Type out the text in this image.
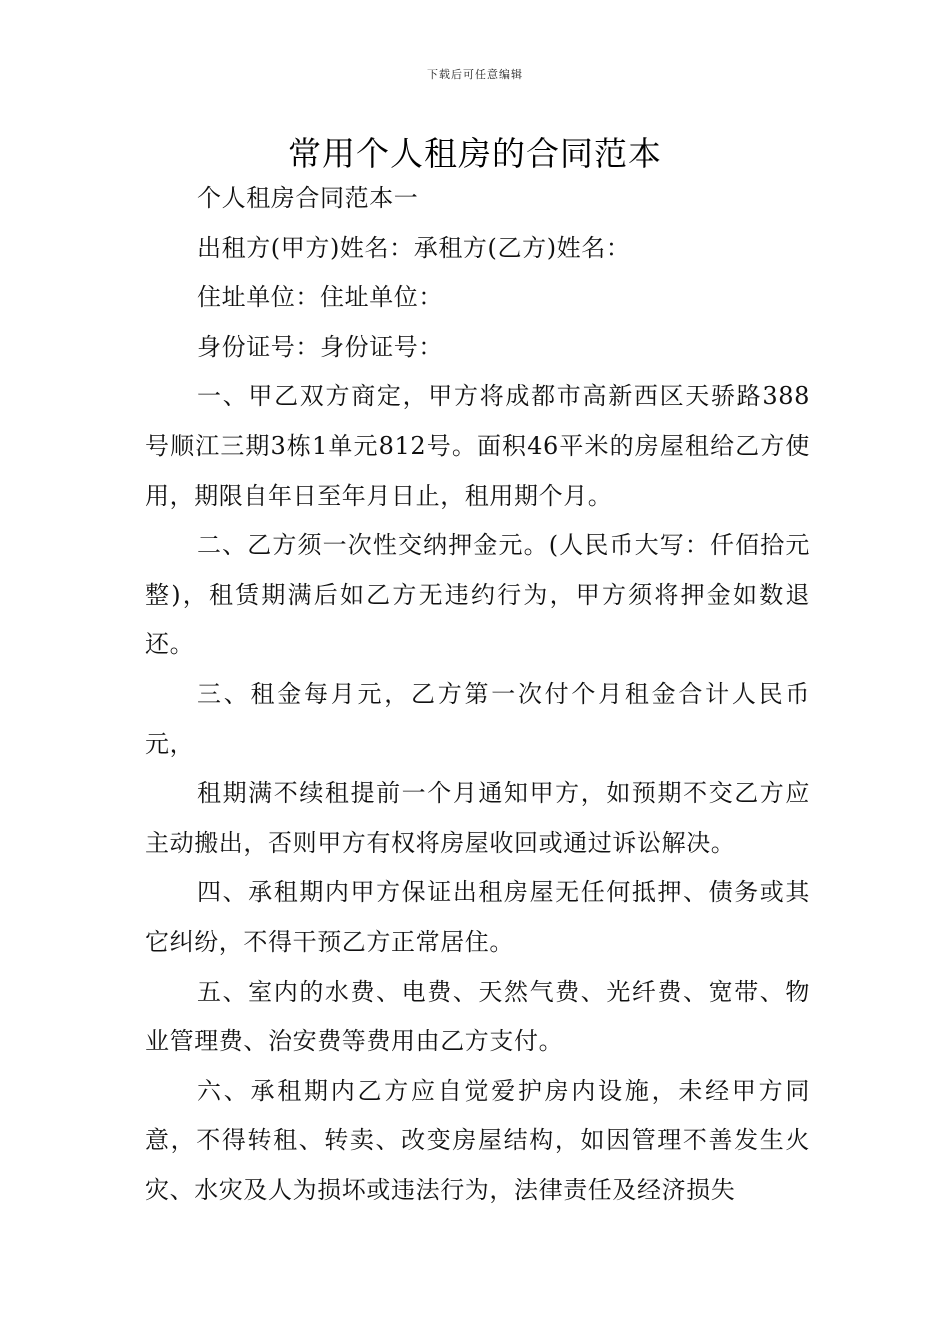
下载后可任意编辑
常用个人租房的合同范本

个人租房合同范本一

出租方(甲方)姓名：承租方(乙方)姓名：

住址单位：住址单位：

身份证号：身份证号：

一、甲乙双方商定，甲方将成都市高新西区天骄路388号顺江三期3栋1单元812号。面积46平米的房屋租给乙方使用，期限自年日至年月日止，租用期个月。

二、乙方须一次性交纳押金元。(人民币大写：仟佰拾元整)，租赁期满后如乙方无违约行为，甲方须将押金如数退还。

三、租金每月元，乙方第一次付个月租金合计人民币元，

租期满不续租提前一个月通知甲方，如预期不交乙方应主动搬出，否则甲方有权将房屋收回或通过诉讼解决。

四、承租期内甲方保证出租房屋无任何抵押、债务或其它纠纷，不得干预乙方正常居住。

五、室内的水费、电费、天然气费、光纤费、宽带、物业管理费、治安费等费用由乙方支付。

六、承租期内乙方应自觉爱护房内设施，未经甲方同意，不得转租、转卖、改变房屋结构，如因管理不善发生火灾、水灾及人为损坏或违法行为，法律责任及经济损失
